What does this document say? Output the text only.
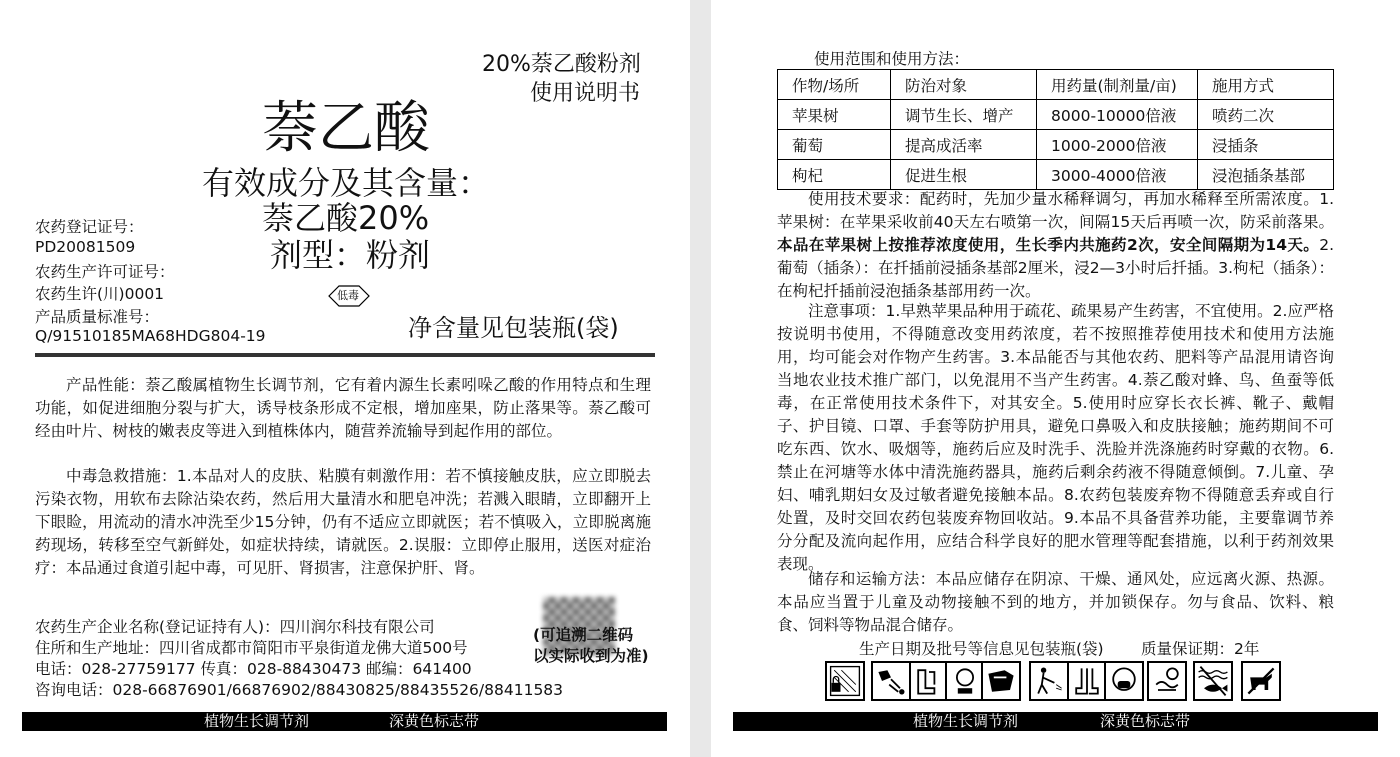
20%萘乙酸粉剂
使用说明书
萘乙酸
有效成分及其含量：
萘乙酸20%
剂型：粉剂
农药登记证号：
PD20081509
农药生产许可证号：
农药生许(川)0001
产品质量标准号：
Q/91510185MA68HDG804-19
低毒
净含量见包装瓶(袋)

产品性能：萘乙酸属植物生长调节剂，它有着内源生长素吲哚乙酸的作用特点和生理功能，如促进细胞分裂与扩大，诱导枝条形成不定根，增加座果，防止落果等。萘乙酸可经由叶片、树枝的嫩表皮等进入到植株体内，随营养流输导到起作用的部位。

中毒急救措施：1.本品对人的皮肤、粘膜有刺激作用：若不慎接触皮肤，应立即脱去污染衣物，用软布去除沾染农药，然后用大量清水和肥皂冲洗；若溅入眼睛，立即翻开上下眼睑，用流动的清水冲洗至少15分钟，仍有不适应立即就医；若不慎吸入，立即脱离施药现场，转移至空气新鲜处，如症状持续，请就医。2.误服：立即停止服用，送医对症治疗：本品通过食道引起中毒，可见肝、肾损害，注意保护肝、肾。

农药生产企业名称(登记证持有人)：四川润尔科技有限公司
住所和生产地址：四川省成都市简阳市平泉街道龙佛大道500号
电话：028-27759177 传真：028-88430473 邮编：641400
咨询电话：028-66876901/66876902/88430825/88435526/88411583
(可追溯二维码
以实际收到为准)
植物生长调节剂	深黄色标志带
使用范围和使用方法：
作物/场所	防治对象	用药量(制剂量/亩)	施用方式
苹果树	调节生长、增产	8000-10000倍液	喷药二次
葡萄	提高成活率	1000-2000倍液	浸插条
枸杞	促进生根	3000-4000倍液	浸泡插条基部

使用技术要求：配药时，先加少量水稀释调匀，再加水稀释至所需浓度。1.苹果树：在苹果采收前40天左右喷第一次，间隔15天后再喷一次，防采前落果。本品在苹果树上按推荐浓度使用，生长季内共施药2次，安全间隔期为14天。2.葡萄（插条）：在扦插前浸插条基部2厘米，浸2—3小时后扦插。3.枸杞（插条）：在枸杞扦插前浸泡插条基部用药一次。

注意事项：1.早熟苹果品种用于疏花、疏果易产生药害，不宜使用。2.应严格按说明书使用，不得随意改变用药浓度，若不按照推荐使用技术和使用方法施用，均可能会对作物产生药害。3.本品能否与其他农药、肥料等产品混用请咨询当地农业技术推广部门，以免混用不当产生药害。4.萘乙酸对蜂、鸟、鱼蚕等低毒，在正常使用技术条件下，对其安全。5.使用时应穿长衣长裤、靴子、戴帽子、护目镜、口罩、手套等防护用具，避免口鼻吸入和皮肤接触；施药期间不可吃东西、饮水、吸烟等，施药后应及时洗手、洗脸并洗涤施药时穿戴的衣物。6.禁止在河塘等水体中清洗施药器具，施药后剩余药液不得随意倾倒。7.儿童、孕妇、哺乳期妇女及过敏者避免接触本品。8.农药包装废弃物不得随意丢弃或自行处置，及时交回农药包装废弃物回收站。9.本品不具备营养功能，主要靠调节养分分配及流向起作用，应结合科学良好的肥水管理等配套措施，以利于药剂效果表现。

储存和运输方法：本品应储存在阴凉、干燥、通风处，应远离火源、热源。本品应当置于儿童及动物接触不到的地方，并加锁保存。勿与食品、饮料、粮食、饲料等物品混合储存。

生产日期及批号等信息见包装瓶(袋) 质量保证期：2年
植物生长调节剂	深黄色标志带
